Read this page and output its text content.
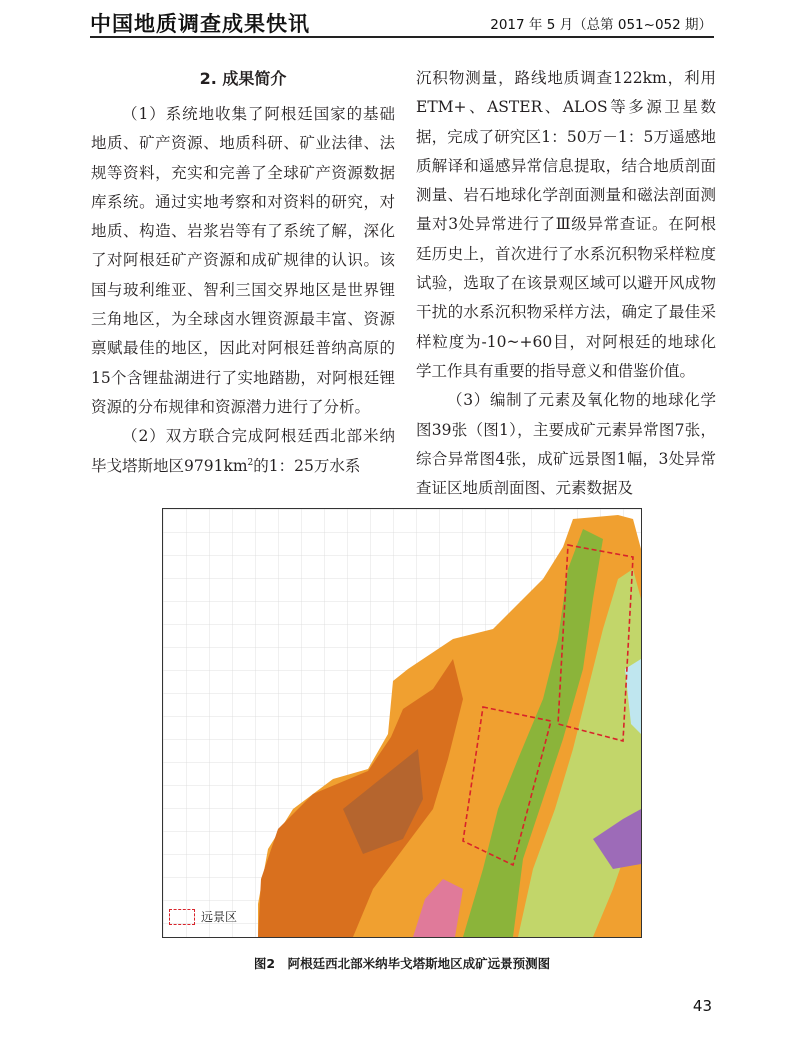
中国地质调查成果快讯	2017 年 5 月（总第 051~052 期）
2. 成果简介

（1）系统地收集了阿根廷国家的基础地质、矿产资源、地质科研、矿业法律、法规等资料，充实和完善了全球矿产资源数据库系统。通过实地考察和对资料的研究，对地质、构造、岩浆岩等有了系统了解，深化了对阿根廷矿产资源和成矿规律的认识。该国与玻利维亚、智利三国交界地区是世界锂三角地区，为全球卤水锂资源最丰富、资源禀赋最佳的地区，因此对阿根廷普纳高原的15个含锂盐湖进行了实地踏勘，对阿根廷锂资源的分布规律和资源潜力进行了分析。

（2）双方联合完成阿根廷西北部米纳毕戈塔斯地区$9791km^2$的1：25万水系

沉积物测量，路线地质调查122km，利用ETM+、ASTER、ALOS等多源卫星数据，完成了研究区1：50万－1：5万遥感地质解译和遥感异常信息提取，结合地质剖面测量、岩石地球化学剖面测量和磁法剖面测量对3处异常进行了Ⅲ级异常查证。在阿根廷历史上，首次进行了水系沉积物采样粒度试验，选取了在该景观区域可以避开风成物干扰的水系沉积物采样方法，确定了最佳采样粒度为-10~+60目，对阿根廷的地球化学工作具有重要的指导意义和借鉴价值。

（3）编制了元素及氧化物的地球化学图39张（图1），主要成矿元素异常图7张，综合异常图4张，成矿远景图1幅，3处异常查证区地质剖面图、元素数据及

远景区
图2　阿根廷西北部米纳毕戈塔斯地区成矿远景预测图
43
